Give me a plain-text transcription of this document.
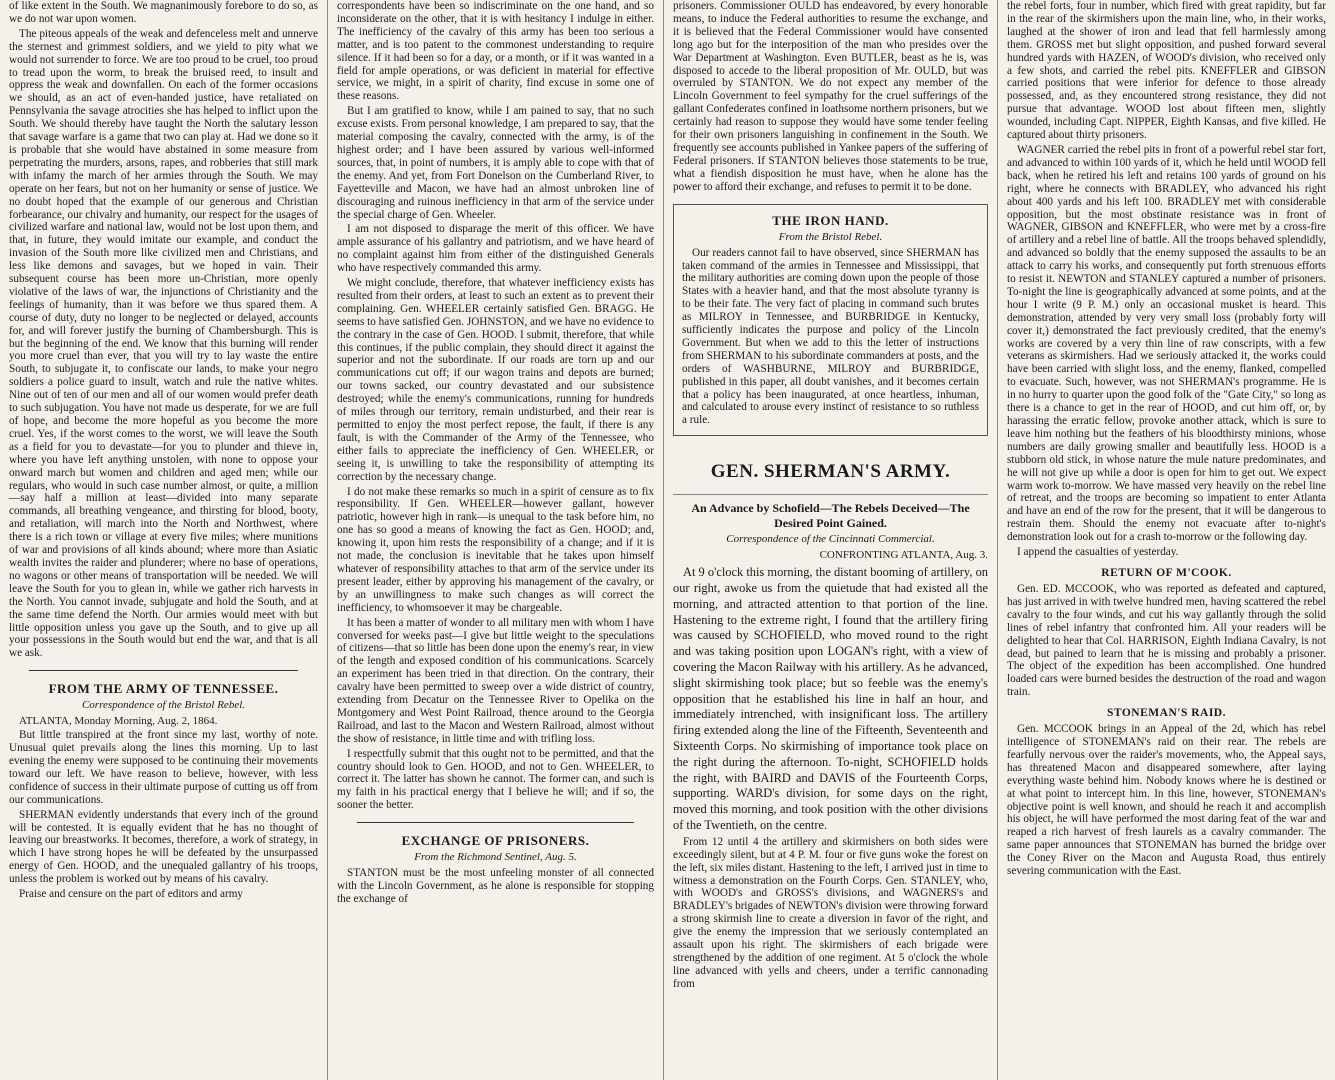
of like extent in the South. We magnanimously forebore to do so, as we do not war upon women.

The piteous appeals of the weak and defenceless melt and unnerve the sternest and grimmest soldiers, and we yield to pity what we would not surrender to force. We are too proud to be cruel, too proud to tread upon the worm, to break the bruised reed, to insult and oppress the weak and downfallen. On each of the former occasions we should, as an act of even-handed justice, have retaliated on Pennsylvania the savage atrocities she has helped to inflict upon the South. We should thereby have taught the North the salutary lesson that savage warfare is a game that two can play at. Had we done so it is probable that she would have abstained in some measure from perpetrating the murders, arsons, rapes, and robberies that still mark with infamy the march of her armies through the South. We may operate on her fears, but not on her humanity or sense of justice. We no doubt hoped that the example of our generous and Christian forbearance, our chivalry and humanity, our respect for the usages of civilized warfare and national law, would not be lost upon them, and that, in future, they would imitate our example, and conduct the invasion of the South more like civilized men and Christians, and less like demons and savages, but we hoped in vain. Their subsequent course has been more un-Christian, more openly violative of the laws of war, the injunctions of Christianity and the feelings of humanity, than it was before we thus spared them. A course of duty, duty no longer to be neglected or delayed, accounts for, and will forever justify the burning of Chambersburgh. This is but the beginning of the end. We know that this burning will render you more cruel than ever, that you will try to lay waste the entire South, to subjugate it, to confiscate our lands, to make your negro soldiers a police guard to insult, watch and rule the native whites. Nine out of ten of our men and all of our women would prefer death to such subjugation. You have not made us desperate, for we are full of hope, and become the more hopeful as you become the more cruel. Yes, if the worst comes to the worst, we will leave the South as a field for you to devastate—for you to plunder and thieve in, where you have left anything unstolen, with none to oppose your onward march but women and children and aged men; while our regulars, who would in such case number almost, or quite, a million—say half a million at least—divided into many separate commands, all breathing vengeance, and thirsting for blood, booty, and retaliation, will march into the North and Northwest, where there is a rich town or village at every five miles; where munitions of war and provisions of all kinds abound; where more than Asiatic wealth invites the raider and plunderer; where no base of operations, no wagons or other means of transportation will be needed. We will leave the South for you to glean in, while we gather rich harvests in the North. You cannot invade, subjugate and hold the South, and at the same time defend the North. Our armies would meet with but little opposition unless you gave up the South, and to give up all your possessions in the South would but end the war, and that is all we ask.

FROM THE ARMY OF TENNESSEE.
Correspondence of the Bristol Rebel.
ATLANTA, Monday Morning, Aug. 2, 1864.

But little transpired at the front since my last, worthy of note. Unusual quiet prevails along the lines this morning. Up to last evening the enemy were supposed to be continuing their movements toward our left. We have reason to believe, however, with less confidence of success in their ultimate purpose of cutting us off from our communications.

SHERMAN evidently understands that every inch of the ground will be contested. It is equally evident that he has no thought of leaving our breastworks. It becomes, therefore, a work of strategy, in which I have strong hopes he will be defeated by the unsurpassed energy of Gen. HOOD, and the unequaled gallantry of his troops, unless the problem is worked out by means of his cavalry.

Praise and censure on the part of editors and army

correspondents have been so indiscriminate on the one hand, and so inconsiderate on the other, that it is with hesitancy I indulge in either. The inefficiency of the cavalry of this army has been too serious a matter, and is too patent to the commonest understanding to require silence. If it had been so for a day, or a month, or if it was wanted in a field for ample operations, or was deficient in material for effective service, we might, in a spirit of charity, find excuse in some one of these reasons.

But I am gratified to know, while I am pained to say, that no such excuse exists. From personal knowledge, I am prepared to say, that the material composing the cavalry, connected with the army, is of the highest order; and I have been assured by various well-informed sources, that, in point of numbers, it is amply able to cope with that of the enemy. And yet, from Fort Donelson on the Cumberland River, to Fayetteville and Macon, we have had an almost unbroken line of discouraging and ruinous inefficiency in that arm of the service under the special charge of Gen. Wheeler.

I am not disposed to disparage the merit of this officer. We have ample assurance of his gallantry and patriotism, and we have heard of no complaint against him from either of the distinguished Generals who have respectively commanded this army.

We might conclude, therefore, that whatever inefficiency exists has resulted from their orders, at least to such an extent as to prevent their complaining. Gen. WHEELER certainly satisfied Gen. BRAGG. He seems to have satisfied Gen. JOHNSTON, and we have no evidence to the contrary in the case of Gen. HOOD. I submit, therefore, that while this continues, if the public complain, they should direct it against the superior and not the subordinate. If our roads are torn up and our communications cut off; if our wagon trains and depots are burned; our towns sacked, our country devastated and our subsistence destroyed; while the enemy's communications, running for hundreds of miles through our territory, remain undisturbed, and their rear is permitted to enjoy the most perfect repose, the fault, if there is any fault, is with the Commander of the Army of the Tennessee, who either fails to appreciate the inefficiency of Gen. WHEELER, or seeing it, is unwilling to take the responsibility of attempting its correction by the necessary change.

I do not make these remarks so much in a spirit of censure as to fix responsibility. If Gen. WHEELER—however gallant, however patriotic, however high in rank—is unequal to the task before him, no one has so good a means of knowing the fact as Gen. HOOD; and, knowing it, upon him rests the responsibility of a change; and if it is not made, the conclusion is inevitable that he takes upon himself whatever of responsibility attaches to that arm of the service under its present leader, either by approving his management of the cavalry, or by an unwillingness to make such changes as will correct the inefficiency, to whomsoever it may be chargeable.

It has been a matter of wonder to all military men with whom I have conversed for weeks past—I give but little weight to the speculations of citizens—that so little has been done upon the enemy's rear, in view of the length and exposed condition of his communications. Scarcely an experiment has been tried in that direction. On the contrary, their cavalry have been permitted to sweep over a wide district of country, extending from Decatur on the Tennessee River to Opelika on the Montgomery and West Point Railroad, thence around to the Georgia Railroad, and last to the Macon and Western Railroad, almost without the show of resistance, in little time and with trifling loss.

I respectfully submit that this ought not to be permitted, and that the country should look to Gen. HOOD, and not to Gen. WHEELER, to correct it. The latter has shown he cannot. The former can, and such is my faith in his practical energy that I believe he will; and if so, the sooner the better.

EXCHANGE OF PRISONERS.
From the Richmond Sentinel, Aug. 5.

STANTON must be the most unfeeling monster of all connected with the Lincoln Government, as he alone is responsible for stopping the exchange of

prisoners. Commissioner OULD has endeavored, by every honorable means, to induce the Federal authorities to resume the exchange, and it is believed that the Federal Commissioner would have consented long ago but for the interposition of the man who presides over the War Department at Washington. Even BUTLER, beast as he is, was disposed to accede to the liberal proposition of Mr. OULD, but was overruled by STANTON. We do not expect any member of the Lincoln Government to feel sympathy for the cruel sufferings of the gallant Confederates confined in loathsome northern prisoners, but we certainly had reason to suppose they would have some tender feeling for their own prisoners languishing in confinement in the South. We frequently see accounts published in Yankee papers of the suffering of Federal prisoners. If STANTON believes those statements to be true, what a fiendish disposition he must have, when he alone has the power to afford their exchange, and refuses to permit it to be done.

THE IRON HAND.
From the Bristol Rebel.

Our readers cannot fail to have observed, since SHERMAN has taken command of the armies in Tennessee and Mississippi, that the military authorities are coming down upon the people of those States with a heavier hand, and that the most absolute tyranny is to be their fate. The very fact of placing in command such brutes as MILROY in Tennessee, and BURBRIDGE in Kentucky, sufficiently indicates the purpose and policy of the Lincoln Government. But when we add to this the letter of instructions from SHERMAN to his subordinate commanders at posts, and the orders of WASHBURNE, MILROY and BURBRIDGE, published in this paper, all doubt vanishes, and it becomes certain that a policy has been inaugurated, at once heartless, inhuman, and calculated to arouse every instinct of resistance to so ruthless a rule.

GEN. SHERMAN'S ARMY.
An Advance by Schofield—The Rebels Deceived—The Desired Point Gained.
Correspondence of the Cincinnati Commercial.
CONFRONTING ATLANTA, Aug. 3.

At 9 o'clock this morning, the distant booming of artillery, on our right, awoke us from the quietude that had existed all the morning, and attracted attention to that portion of the line. Hastening to the extreme right, I found that the artillery firing was caused by SCHOFIELD, who moved round to the right and was taking position upon LOGAN's right, with a view of covering the Macon Railway with his artillery. As he advanced, slight skirmishing took place; but so feeble was the enemy's opposition that he established his line in half an hour, and immediately intrenched, with insignificant loss. The artillery firing extended along the line of the Fifteenth, Seventeenth and Sixteenth Corps. No skirmishing of importance took place on the right during the afternoon. To-night, SCHOFIELD holds the right, with BAIRD and DAVIS of the Fourteenth Corps, supporting. WARD's division, for some days on the right, moved this morning, and took position with the other divisions of the Twentieth, on the centre.

From 12 until 4 the artillery and skirmishers on both sides were exceedingly silent, but at 4 P. M. four or five guns woke the forest on the left, six miles distant. Hastening to the left, I arrived just in time to witness a demonstration on the Fourth Corps. Gen. STANLEY, who, with WOOD's and GROSS's divisions, and WAGNERS's and BRADLEY's brigades of NEWTON's division were throwing forward a strong skirmish line to create a diversion in favor of the right, and give the enemy the impression that we seriously contemplated an assault upon his right. The skirmishers of each brigade were strengthened by the addition of one regiment. At 5 o'clock the whole line advanced with yells and cheers, under a terrific cannonading from

the rebel forts, four in number, which fired with great rapidity, but far in the rear of the skirmishers upon the main line, who, in their works, laughed at the shower of iron and lead that fell harmlessly among them. GROSS met but slight opposition, and pushed forward several hundred yards with HAZEN, of WOOD's division, who received only a few shots, and carried the rebel pits. KNEFFLER and GIBSON carried positions that were inferior for defence to those already possessed, and, as they encountered strong resistance, they did not pursue that advantage. WOOD lost about fifteen men, slightly wounded, including Capt. NIPPER, Eighth Kansas, and five killed. He captured about thirty prisoners.

WAGNER carried the rebel pits in front of a powerful rebel star fort, and advanced to within 100 yards of it, which he held until WOOD fell back, when he retired his left and retains 100 yards of ground on his right, where he connects with BRADLEY, who advanced his right about 400 yards and his left 100. BRADLEY met with considerable opposition, but the most obstinate resistance was in front of WAGNER, GIBSON and KNEFFLER, who were met by a cross-fire of artillery and a rebel line of battle. All the troops behaved splendidly, and advanced so boldly that the enemy supposed the assaults to be an attack to carry his works, and consequently put forth strenuous efforts to resist it. NEWTON and STANLEY captured a number of prisoners. To-night the line is geographically advanced at some points, and at the hour I write (9 P. M.) only an occasional musket is heard. This demonstration, attended by very very small loss (probably forty will cover it,) demonstrated the fact previously credited, that the enemy's works are covered by a very thin line of raw conscripts, with a few veterans as skirmishers. Had we seriously attacked it, the works could have been carried with slight loss, and the enemy, flanked, compelled to evacuate. Such, however, was not SHERMAN's programme. He is in no hurry to quarter upon the good folk of the "Gate City," so long as there is a chance to get in the rear of HOOD, and cut him off, or, by harassing the erratic fellow, provoke another attack, which is sure to leave him nothing but the feathers of his bloodthirsty minions, whose numbers are daily growing smaller and beautifully less. HOOD is a stubborn old stick, in whose nature the mule nature predominates, and he will not give up while a door is open for him to get out. We expect warm work to-morrow. We have massed very heavily on the rebel line of retreat, and the troops are becoming so impatient to enter Atlanta and have an end of the row for the present, that it will be dangerous to restrain them. Should the enemy not evacuate after to-night's demonstration look out for a crash to-morrow or the following day.

I append the casualties of yesterday.

RETURN OF M'COOK.

Gen. ED. MCCOOK, who was reported as defeated and captured, has just arrived in with twelve hundred men, having scattered the rebel cavalry to the four winds, and cut his way gallantly through the solid lines of rebel infantry that confronted him. All your readers will be delighted to hear that Col. HARRISON, Eighth Indiana Cavalry, is not dead, but pained to learn that he is missing and probably a prisoner. The object of the expedition has been accomplished. One hundred loaded cars were burned besides the destruction of the road and wagon train.

STONEMAN'S RAID.

Gen. MCCOOK brings in an Appeal of the 2d, which has rebel intelligence of STONEMAN's raid on their rear. The rebels are fearfully nervous over the raider's movements, who, the Appeal says, has threatened Macon and disappeared somewhere, after laying everything waste behind him. Nobody knows where he is destined or at what point to intercept him. In this line, however, STONEMAN's objective point is well known, and should he reach it and accomplish his object, he will have performed the most daring feat of the war and reaped a rich harvest of fresh laurels as a cavalry commander. The same paper announces that STONEMAN has burned the bridge over the Coney River on the Macon and Augusta Road, thus entirely severing communication with the East.
